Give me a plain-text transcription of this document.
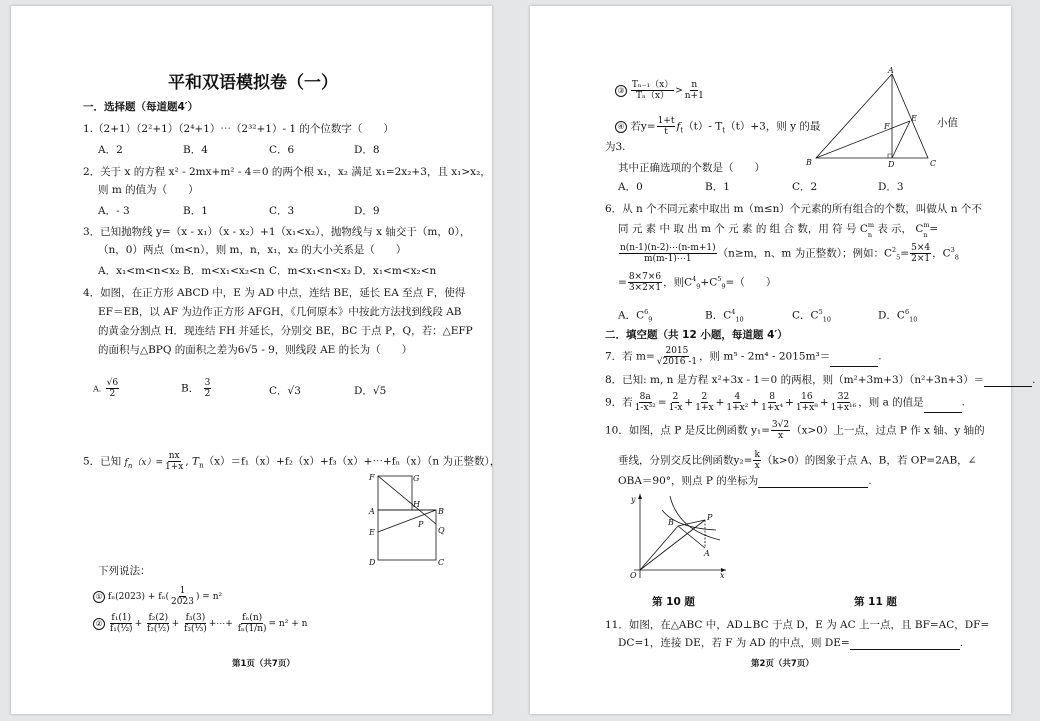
平和双语模拟卷（一）
一．选择题（每道题4′）
1.（2+1）（2²+1）（2⁴+1）⋯（2³²+1）- 1 的个位数字（　　）
A．2	B．4	C．6	D．8
2．关于 x 的方程 x² - 2mx+m² - 4＝0 的两个根 x₁，x₂ 满足 x₁=2x₂+3，且 x₁>x₂，
则 m 的值为（　　）
A．- 3	B．1	C．3	D．9
3．已知抛物线 y=（x - x₁）（x - x₂）+1（x₁<x₂），抛物线与 x 轴交于（m，0），
（n，0）两点（m<n），则 m，n，x₁，x₂ 的大小关系是（　　）
A．x₁<m<n<x₂ B．m<x₁<x₂<n C．m<x₁<n<x₂ D．x₁<m<x₂<n
4．如图，在正方形 ABCD 中，E 为 AD 中点，连结 BE，延长 EA 至点 F，使得
EF＝EB，以 AF 为边作正方形 AFGH，《几何原本》中按此方法找到线段 AB
的黄金分割点 H．现连结 FH 并延长，分别交 BE，BC 于点 P，Q，若：△EFP
的面积与△BPQ 的面积之差为6√5 - 9，则线段 AE 的长为（　　）
A. $\frac{√6}{2}$	B． $\frac{3}{2}$	C．√3	D．√5
5．已知 $f_n(x)= \frac{nx}{1+x}$ , $T_n(x)=f_1(x)+f_2(x)+f_3(x)+\cdots+f_n(x)(n$ 为正整数），
F	G
A
H
B
E
P
Q
D	C
下列说法：
① $f_n(2023) + f_n( \frac{1}{2023}$ ) = n²
② $\frac{\text{f₁(1)}}{\text{f₁(½)}} + \frac{\text{f₂(2)}}{\text{f₂(½)}} + \frac{\text{f₃(3)}}{\text{f₃(⅓)}}$ +⋯+ $\frac{\text{fₙ(n)}}{\text{fₙ(1/n)}} = n^2 + n$
第1页（共7页）
③ $\frac{\text{Tₙ₋₁（x）}}{\text{Tₙ（x）}} > \frac{n}{n+1}$
④ 若$y= \frac{1+t}{t} f_t(t)-$ $T_t(t)+3$，则 y 的最	小值
为3.
其中正确选项的个数是（　　）
A．0	B．1	C．2	D．3
A
B	C
D
E
F
6．从 n 个不同元素中取出 m（m≤n）个元素的所有组合的个数，叫做从 n 个不
同 元 素 中 取 出 m 个 元 素 的 组 合 数，用 符 号 C m
n 表 示， C m
n =
$\frac{n(n-1)(n-2)\cdots(n-m+1)}{m(m-1)\cdots 1} (n\ge m$，n、m 为正整数）；例如：$C^2_5= \frac{5\times 4}{2\times 1}$ ，$C^3_8$
= $\frac{8\times 7\times 6}{3\times 2\times 1}$ ，则$C^4_9+C^5_9=$（　　）
A．$C^6_9$	B．$C^4_{10}$	C．$C^5_{10}$	D．$C^6_{10}$
二．填空题（共 12 小题，每道题 4′）
7．若 $m= \frac{2015}{√2016 -1}$ ，则 m⁵ - 2m⁴ - 2015m³＝	.
8．已知: m, n 是方程 x²+3x - 1＝0 的两根，则（m²+3m+3）（n²+3n+3）＝	.
9．若 $\frac{8a}{\text{1-x³²}} = \frac{2}{1-x} + \frac{2}{1+x} + \frac{4}{\text{1+x²}} + \frac{8}{\text{1+x⁴}} + \frac{16}{\text{1+x⁸}} + \frac{32}{\text{1+x¹⁶}}$ ，则 a 的值是	.
10．如图，点 P 是反比例函数 $y_1= \frac{3√2}{x} (x>0)$上一点，过点 P 作 x 轴、y 轴的
垂线，分别交反比例函数$y_2= \frac{k}{x} (k>0)$的图象于点 A、B，若 OP=2AB，∠
OBA＝90°，则点 P 的坐标为	.
y
x
O
B
P
A
第 10 题	第 11 题
11．如图，在△ABC 中，AD⊥BC 于点 D，E 为 AC 上一点，且 BF=AC，DF=
DC=1，连接 DE，若 F 为 AD 的中点，则 DE=	.
第2页（共7页）
